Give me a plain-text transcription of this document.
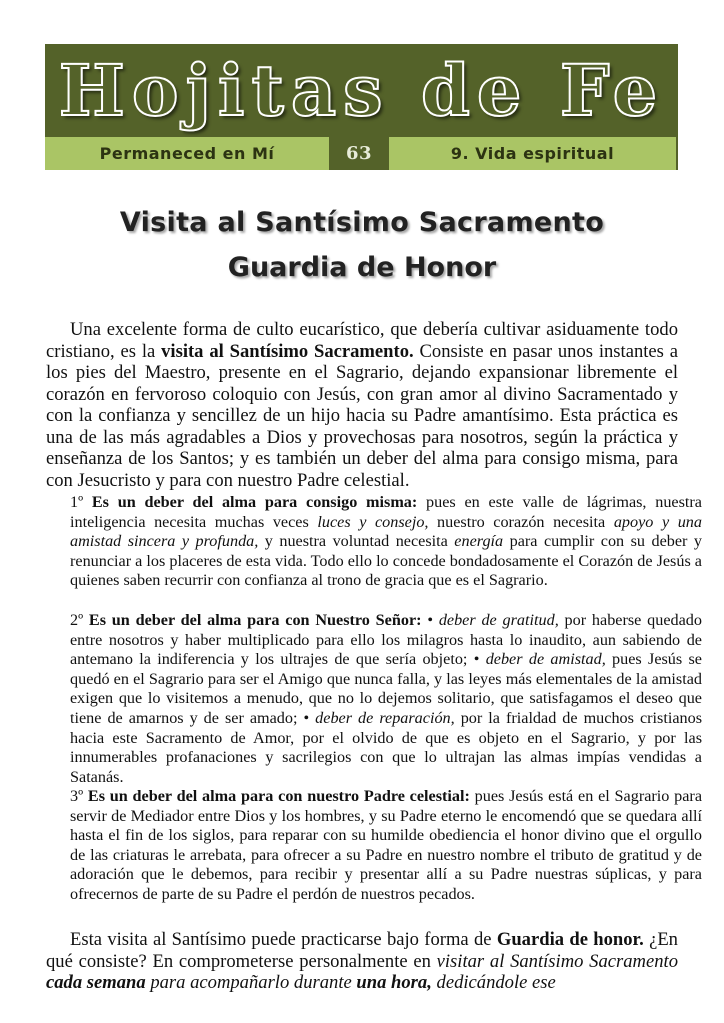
Hojitas de Fe
Permaneced en Mí	63	9. Vida espiritual
Visita al Santísimo Sacramento
Guardia de Honor
Una excelente forma de culto eucarístico, que debería cultivar asiduamente todo cristiano, es la visita al Santísimo Sacramento. Consiste en pasar unos instantes a los pies del Maestro, presente en el Sagrario, dejando expansionar libremente el corazón en fervoroso coloquio con Jesús, con gran amor al divino Sacramentado y con la confianza y sencillez de un hijo hacia su Padre amantísimo. Esta práctica es una de las más agradables a Dios y provechosas para nosotros, según la práctica y enseñanza de los Santos; y es también un deber del alma para consigo misma, para con Jesucristo y para con nuestro Padre celestial.
1º Es un deber del alma para consigo misma: pues en este valle de lágrimas, nuestra inteligencia necesita muchas veces luces y consejo, nuestro corazón necesita apoyo y una amistad sincera y profunda, y nuestra voluntad necesita energía para cumplir con su deber y renunciar a los placeres de esta vida. Todo ello lo concede bondadosamente el Corazón de Jesús a quienes saben recurrir con confianza al trono de gracia que es el Sagrario.
2º Es un deber del alma para con Nuestro Señor: • deber de gratitud, por haberse quedado entre nosotros y haber multiplicado para ello los milagros hasta lo inaudito, aun sabiendo de antemano la indiferencia y los ultrajes de que sería objeto; • deber de amistad, pues Jesús se quedó en el Sagrario para ser el Amigo que nunca falla, y las leyes más elementales de la amistad exigen que lo visitemos a menudo, que no lo dejemos solitario, que satisfagamos el deseo que tiene de amarnos y de ser amado; • deber de reparación, por la frialdad de muchos cristianos hacia este Sacramento de Amor, por el olvido de que es objeto en el Sagrario, y por las innumerables profanaciones y sacrilegios con que lo ultrajan las almas impías vendidas a Satanás.
3º Es un deber del alma para con nuestro Padre celestial: pues Jesús está en el Sagrario para servir de Mediador entre Dios y los hombres, y su Padre eterno le encomendó que se quedara allí hasta el fin de los siglos, para reparar con su humilde obediencia el honor divino que el orgullo de las criaturas le arrebata, para ofrecer a su Padre en nuestro nombre el tributo de gratitud y de adoración que le debemos, para recibir y presentar allí a su Padre nuestras súplicas, y para ofrecernos de parte de su Padre el perdón de nuestros pecados.
Esta visita al Santísimo puede practicarse bajo forma de Guardia de honor. ¿En qué consiste? En comprometerse personalmente en visitar al Santísimo Sacramento cada semana para acompañarlo durante una hora, dedicándole ese
